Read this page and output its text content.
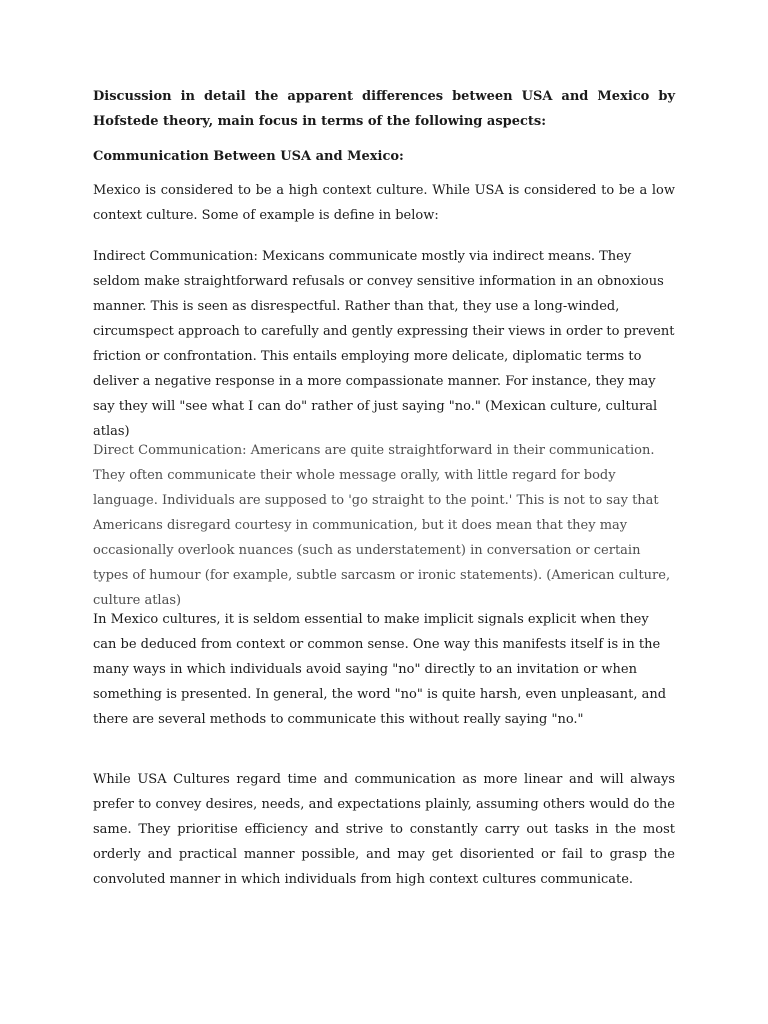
Discussion in detail the apparent differences between USA and Mexico by Hofstede theory, main focus in terms of the following aspects:

Communication Between USA and Mexico:

Mexico is considered to be a high context culture. While USA is considered to be a low context culture. Some of example is define in below:

Indirect Communication: Mexicans communicate mostly via indirect means. They seldom make straightforward refusals or convey sensitive information in an obnoxious manner. This is seen as disrespectful. Rather than that, they use a long-winded, circumspect approach to carefully and gently expressing their views in order to prevent friction or confrontation. This entails employing more delicate, diplomatic terms to deliver a negative response in a more compassionate manner. For instance, they may say they will "see what I can do" rather of just saying "no." (Mexican culture, cultural atlas)

Direct Communication: Americans are quite straightforward in their communication. They often communicate their whole message orally, with little regard for body language. Individuals are supposed to 'go straight to the point.' This is not to say that Americans disregard courtesy in communication, but it does mean that they may occasionally overlook nuances (such as understatement) in conversation or certain types of humour (for example, subtle sarcasm or ironic statements). (American culture, culture atlas)

In Mexico cultures, it is seldom essential to make implicit signals explicit when they can be deduced from context or common sense. One way this manifests itself is in the many ways in which individuals avoid saying "no" directly to an invitation or when something is presented. In general, the word "no" is quite harsh, even unpleasant, and there are several methods to communicate this without really saying "no."

While USA Cultures regard time and communication as more linear and will always prefer to convey desires, needs, and expectations plainly, assuming others would do the same. They prioritise efficiency and strive to constantly carry out tasks in the most orderly and practical manner possible, and may get disoriented or fail to grasp the convoluted manner in which individuals from high context cultures communicate.
